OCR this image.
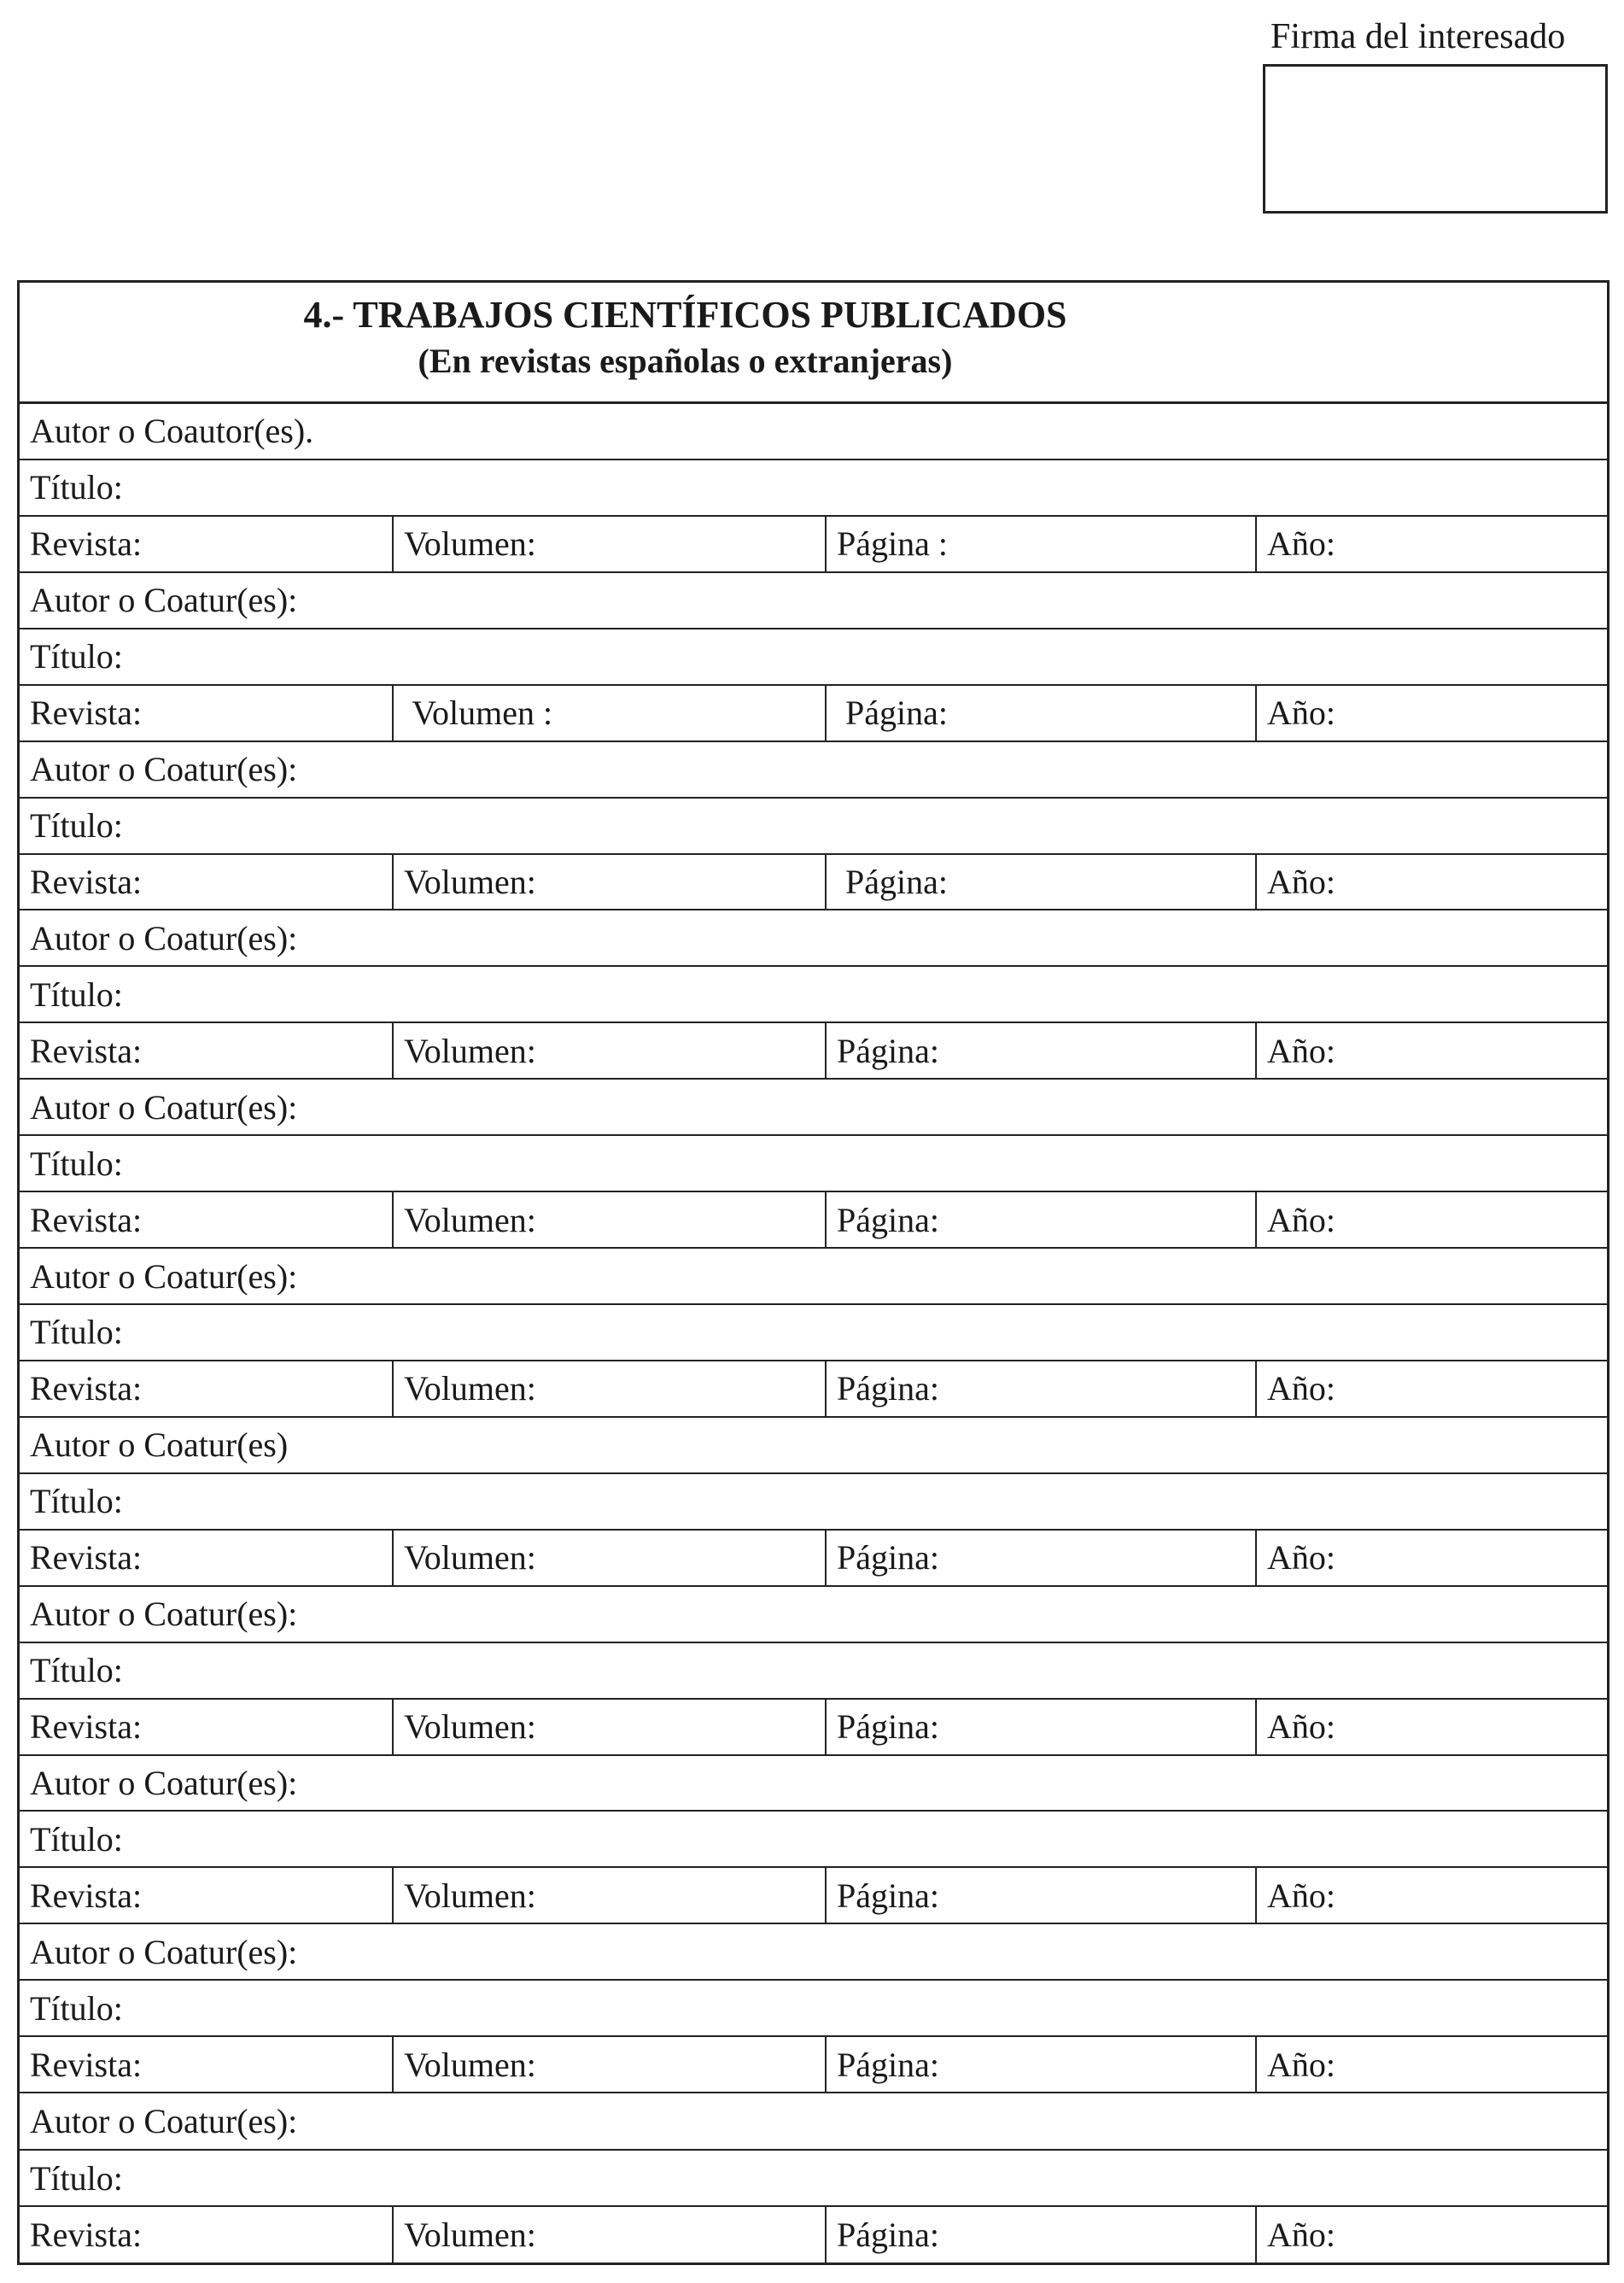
Firma del interesado
4.- TRABAJOS CIENTÍFICOS PUBLICADOS
(En revistas españolas o extranjeras)
Autor o Coautor(es).
Título:
Revista:	Volumen:	Página :	Año:
Autor o Coatur(es):
Título:
Revista:	Volumen :	Página:	Año:
Autor o Coatur(es):
Título:
Revista:	Volumen:	Página:	Año:
Autor o Coatur(es):
Título:
Revista:	Volumen:	Página:	Año:
Autor o Coatur(es):
Título:
Revista:	Volumen:	Página:	Año:
Autor o Coatur(es):
Título:
Revista:	Volumen:	Página:	Año:
Autor o Coatur(es)
Título:
Revista:	Volumen:	Página:	Año:
Autor o Coatur(es):
Título:
Revista:	Volumen:	Página:	Año:
Autor o Coatur(es):
Título:
Revista:	Volumen:	Página:	Año:
Autor o Coatur(es):
Título:
Revista:	Volumen:	Página:	Año:
Autor o Coatur(es):
Título:
Revista:	Volumen:	Página:	Año:
